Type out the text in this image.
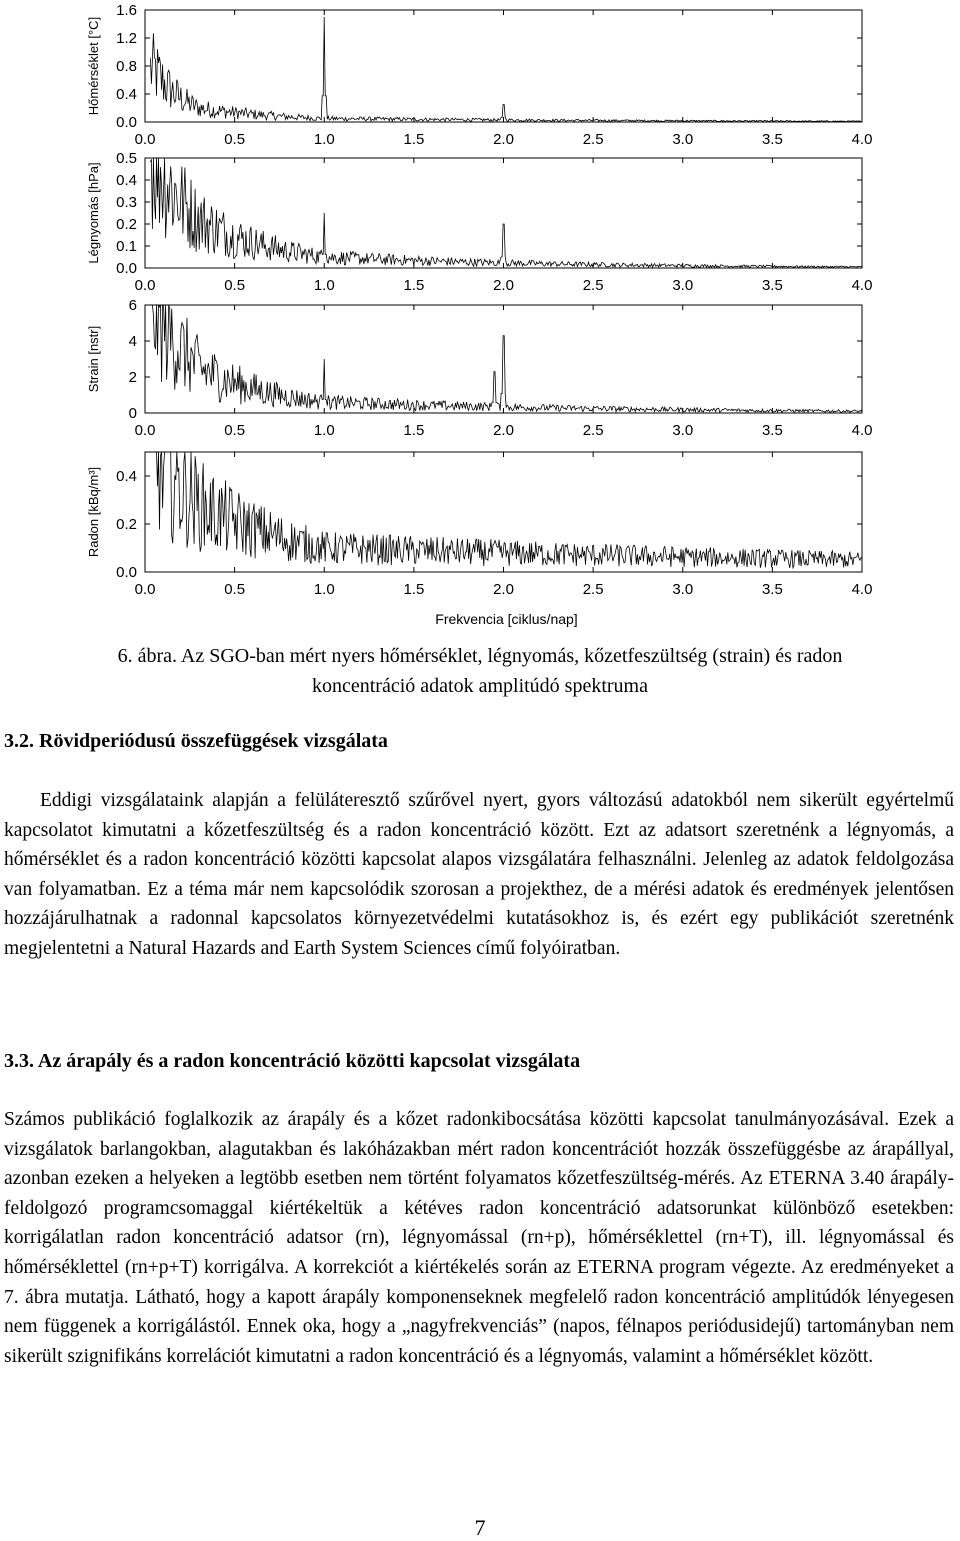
0.0	0.5	1.0	1.5	2.0	2.5	3.0	3.5	4.0
0.0
0.4
0.8
1.2
1.6
Hőmérséklet [°C]
0.0	0.5	1.0	1.5	2.0	2.5	3.0	3.5	4.0
0.0
0.1
0.2
0.3
0.4
0.5
Légnyomás [hPa]
0.0	0.5	1.0	1.5	2.0	2.5	3.0	3.5	4.0
0
2
4
6
Strain [nstr]
0.0	0.5	1.0	1.5	2.0	2.5	3.0	3.5	4.0
0.0
0.2
0.4
Radon [kBq/m³]
Frekvencia [ciklus/nap]
6. ábra. Az SGO-ban mért nyers hőmérséklet, légnyomás, kőzetfeszültség (strain) és radon
koncentráció adatok amplitúdó spektruma
3.2. Rövidperiódusú összefüggések vizsgálata

Eddigi vizsgálataink alapján a felüláteresztő szűrővel nyert, gyors változású adatokból nem sikerült egyértelmű kapcsolatot kimutatni a kőzetfeszültség és a radon koncentráció között. Ezt az adatsort szeretnénk a légnyomás, a hőmérséklet és a radon koncentráció közötti kapcsolat alapos vizsgálatára felhasználni. Jelenleg az adatok feldolgozása van folyamatban. Ez a téma már nem kapcsolódik szorosan a projekthez, de a mérési adatok és eredmények jelentősen hozzájárulhatnak a radonnal kapcsolatos környezetvédelmi kutatásokhoz is, és ezért egy publikációt szeretnénk megjelentetni a Natural Hazards and Earth System Sciences című folyóiratban.

3.3. Az árapály és a radon koncentráció közötti kapcsolat vizsgálata

Számos publikáció foglalkozik az árapály és a kőzet radonkibocsátása közötti kapcsolat tanulmányozásával. Ezek a vizsgálatok barlangokban, alagutakban és lakóházakban mért radon koncentrációt hozzák összefüggésbe az árapállyal, azonban ezeken a helyeken a legtöbb esetben nem történt folyamatos kőzetfeszültség-mérés. Az ETERNA 3.40 árapály-feldolgozó programcsomaggal kiértékeltük a kétéves radon koncentráció adatsorunkat különböző esetekben: korrigálatlan radon koncentráció adatsor (rn), légnyomással (rn+p), hőmérséklettel (rn+T), ill. légnyomással és hőmérséklettel (rn+p+T) korrigálva. A korrekciót a kiértékelés során az ETERNA program végezte. Az eredményeket a 7. ábra mutatja. Látható, hogy a kapott árapály komponenseknek megfelelő radon koncentráció amplitúdók lényegesen nem függenek a korrigálástól. Ennek oka, hogy a „nagyfrekvenciás” (napos, félnapos periódusidejű) tartományban nem sikerült szignifikáns korrelációt kimutatni a radon koncentráció és a légnyomás, valamint a hőmérséklet között.

7
